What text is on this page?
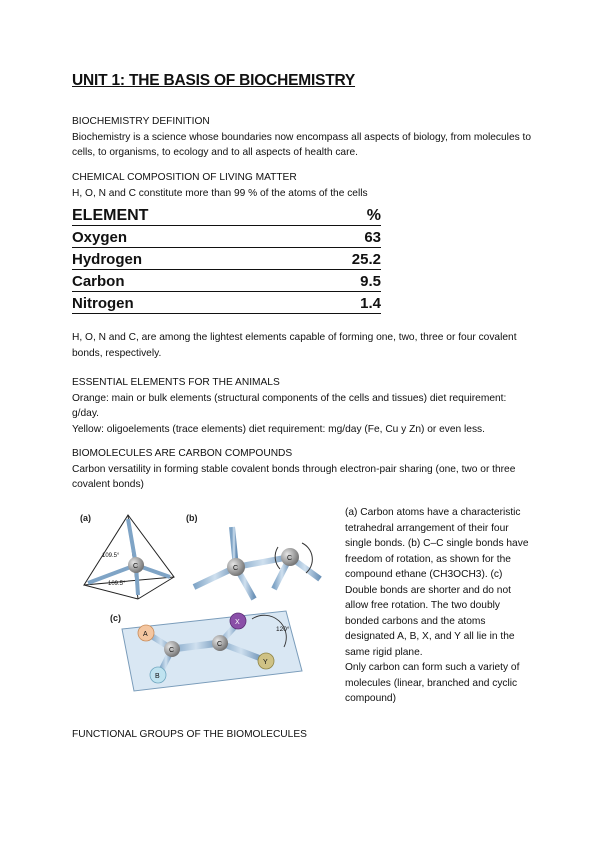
UNIT 1: THE BASIS OF BIOCHEMISTRY

BIOCHEMISTRY DEFINITION

Biochemistry is a science whose boundaries now encompass all aspects of biology, from molecules to cells, to organisms, to ecology and to all aspects of health care.

CHEMICAL COMPOSITION OF LIVING MATTER

H, O, N and C constitute more than 99 % of the atoms of the cells

ELEMENT	%
Oxygen	63
Hydrogen	25.2
Carbon	9.5
Nitrogen	1.4

H, O, N and C, are among the lightest elements capable of forming one, two, three or four covalent bonds, respectively.

ESSENTIAL ELEMENTS FOR THE ANIMALS

Orange: main or bulk elements (structural components of the cells and tissues) diet requirement: g/day.

Yellow: oligoelements (trace elements) diet requirement: mg/day (Fe, Cu y Zn) or even less.

BIOMOLECULES ARE CARBON COMPOUNDS

Carbon versatility in forming stable covalent bonds through electron-pair sharing (one, two or three covalent bonds)

C
109.5°
109.5°
(a)	(b)
C
C
(c)
C
C
A
B
X
Y
120°

(a) Carbon atoms have a characteristic tetrahedral arrangement of their four single bonds. (b) C–C single bonds have freedom of rotation, as shown for the compound ethane (CH3OCH3). (c) Double bonds are shorter and do not allow free rotation. The two doubly bonded carbons and the atoms designated A, B, X, and Y all lie in the same rigid plane.

Only carbon can form such a variety of molecules (linear, branched and cyclic compound)

FUNCTIONAL GROUPS OF THE BIOMOLECULES
